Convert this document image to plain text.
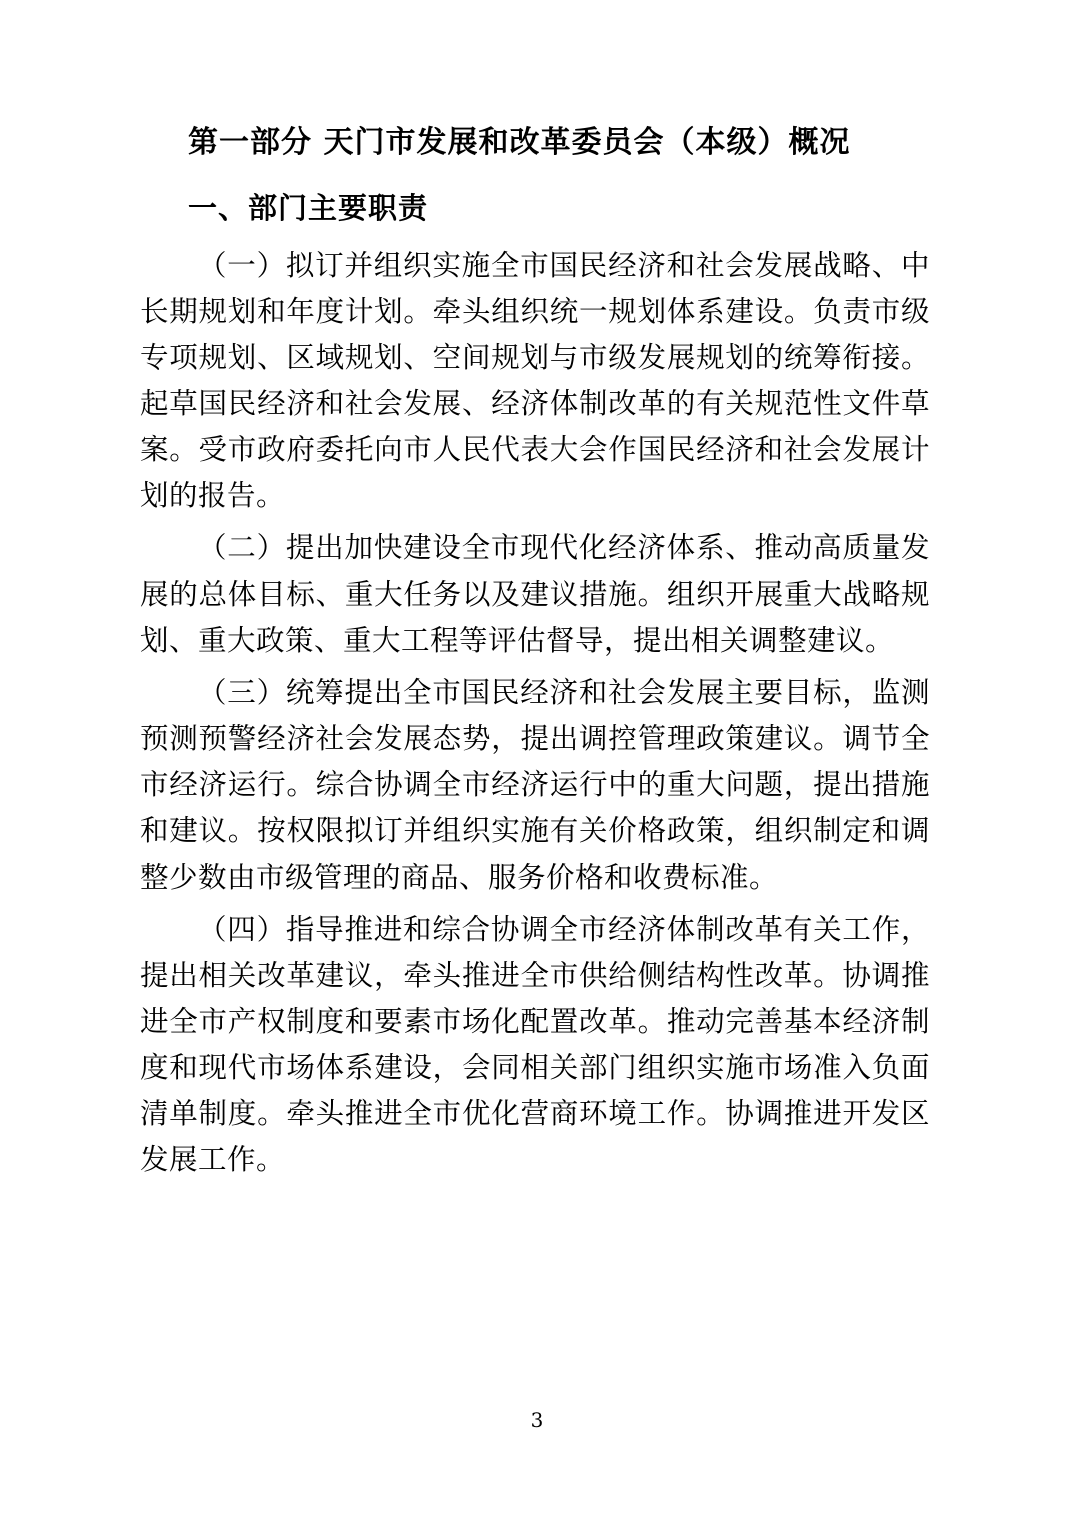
第一部分 天门市发展和改革委员会（本级）概况
一、部门主要职责

（一）拟订并组织实施全市国民经济和社会发展战略、中长期规划和年度计划。牵头组织统一规划体系建设。负责市级专项规划、区域规划、空间规划与市级发展规划的统筹衔接。起草国民经济和社会发展、经济体制改革的有关规范性文件草案。受市政府委托向市人民代表大会作国民经济和社会发展计划的报告。

（二）提出加快建设全市现代化经济体系、推动高质量发展的总体目标、重大任务以及建议措施。组织开展重大战略规划、重大政策、重大工程等评估督导，提出相关调整建议。

（三）统筹提出全市国民经济和社会发展主要目标，监测预测预警经济社会发展态势，提出调控管理政策建议。调节全市经济运行。综合协调全市经济运行中的重大问题，提出措施和建议。按权限拟订并组织实施有关价格政策，组织制定和调整少数由市级管理的商品、服务价格和收费标准。

（四）指导推进和综合协调全市经济体制改革有关工作，提出相关改革建议，牵头推进全市供给侧结构性改革。协调推进全市产权制度和要素市场化配置改革。推动完善基本经济制度和现代市场体系建设，会同相关部门组织实施市场准入负面清单制度。牵头推进全市优化营商环境工作。协调推进开发区发展工作。

3
